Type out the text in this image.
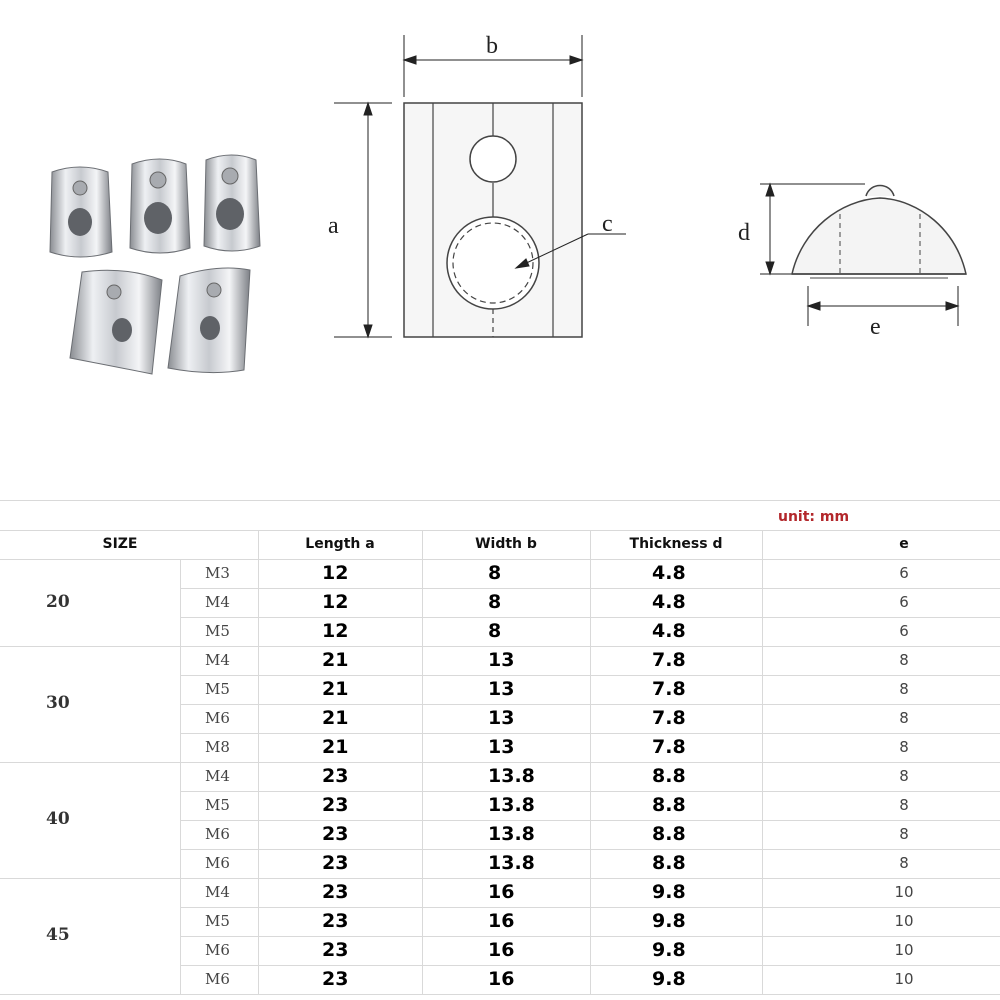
b
a	c	d
e
unit: mm
SIZE	Length a	Width b	Thickness d	e
20
M3	12	8	4.8	6
M4	12	8	4.8	6
M5	12	8	4.8	6
30
M4	21	13	7.8	8
M5	21	13	7.8	8
M6	21	13	7.8	8
M8	21	13	7.8	8
40
M4	23	13.8	8.8	8
M5	23	13.8	8.8	8
M6	23	13.8	8.8	8
M6	23	13.8	8.8	8
45
M4	23	16	9.8	10
M5	23	16	9.8	10
M6	23	16	9.8	10
M6	23	16	9.8	10
